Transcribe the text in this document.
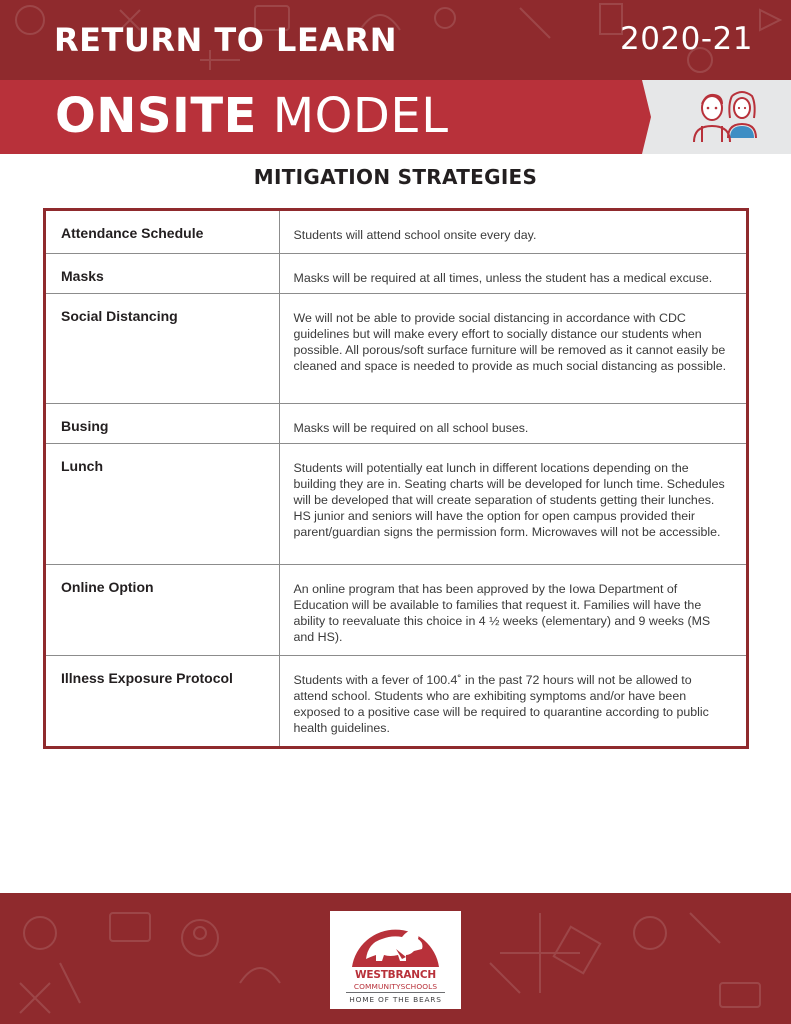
RETURN TO LEARN	2020-21
ONSITE MODEL
MITIGATION STRATEGIES
Attendance Schedule	Students will attend school onsite every day.

Masks	Masks will be required at all times, unless the student has a medical excuse.

Social Distancing	We will not be able to provide social distancing in accordance with CDC guidelines but will make every effort to socially distance our students when possible. All porous/soft surface furniture will be removed as it cannot easily be cleaned and space is needed to provide as much social distancing as possible.

Busing	Masks will be required on all school buses.

Lunch	Students will potentially eat lunch in different locations depending on the building they are in. Seating charts will be developed for lunch time. Schedules will be developed that will create separation of students getting their lunches. HS junior and seniors will have the option for open campus provided their parent/guardian signs the permission form. Microwaves will not be accessible.

Online Option	An online program that has been approved by the Iowa Department of Education will be available to families that request it. Families will have the ability to reevaluate this choice in 4 ½ weeks (elementary) and 9 weeks (MS and HS).

Illness Exposure Protocol	Students with a fever of 100.4˚ in the past 72 hours will not be allowed to attend school. Students who are exhibiting symptoms and/or have been exposed to a positive case will be required to quarantine according to public health guidelines.
WESTBRANCH
COMMUNITYSCHOOLS
HOME OF THE BEARS
